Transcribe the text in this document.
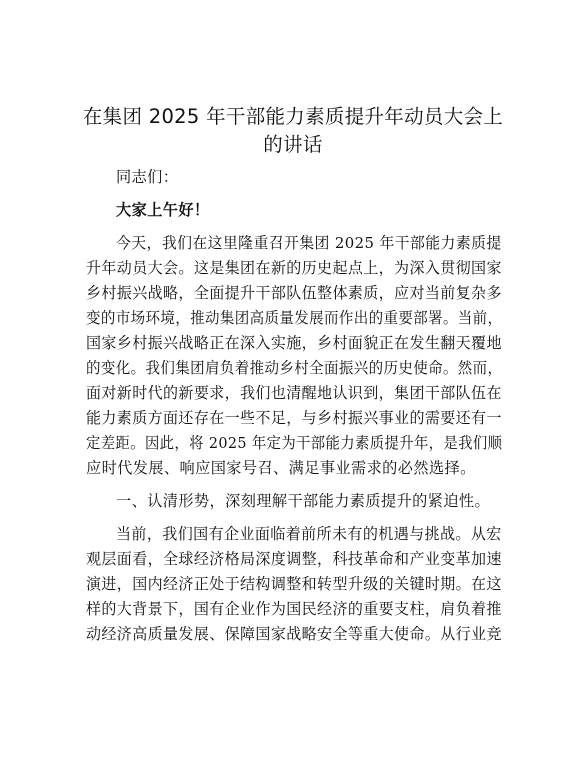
在集团 2025 年干部能力素质提升年动员大会上
的讲话
同志们：
大家上午好！
今天，我们在这里隆重召开集团 2025 年干部能力素质提
升年动员大会。这是集团在新的历史起点上，为深入贯彻国家
乡村振兴战略，全面提升干部队伍整体素质，应对当前复杂多
变的市场环境，推动集团高质量发展而作出的重要部署。当前，
国家乡村振兴战略正在深入实施，乡村面貌正在发生翻天覆地
的变化。我们集团肩负着推动乡村全面振兴的历史使命。然而，
面对新时代的新要求，我们也清醒地认识到，集团干部队伍在
能力素质方面还存在一些不足，与乡村振兴事业的需要还有一
定差距。因此，将 2025 年定为干部能力素质提升年，是我们顺
应时代发展、响应国家号召、满足事业需求的必然选择。
一、认清形势，深刻理解干部能力素质提升的紧迫性。
当前，我们国有企业面临着前所未有的机遇与挑战。从宏
观层面看，全球经济格局深度调整，科技革命和产业变革加速
演进，国内经济正处于结构调整和转型升级的关键时期。在这
样的大背景下，国有企业作为国民经济的重要支柱，肩负着推
动经济高质量发展、保障国家战略安全等重大使命。从行业竞
